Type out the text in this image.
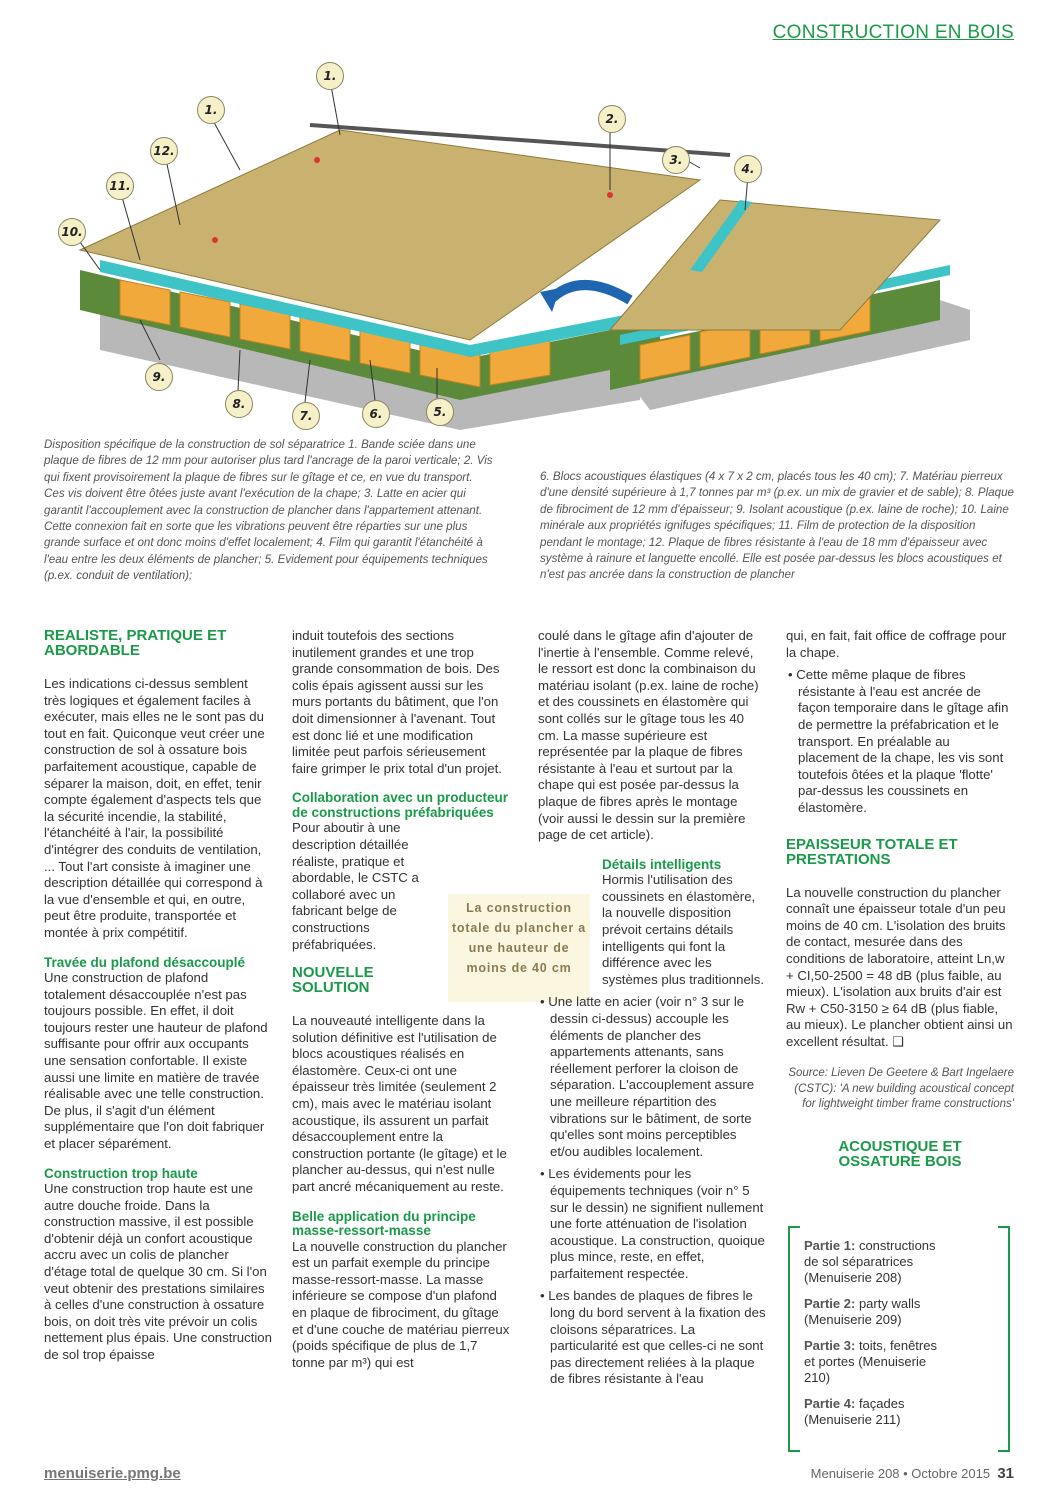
CONSTRUCTION EN BOIS
1.
1.
2.
3.
4.
5.
6.
7.
8.
9.
10.
11.
12.
Disposition spécifique de la construction de sol séparatrice 1. Bande sciée dans une plaque de fibres de 12 mm pour autoriser plus tard l'ancrage de la paroi verticale; 2. Vis qui fixent provisoirement la plaque de fibres sur le gîtage et ce, en vue du transport. Ces vis doivent être ôtées juste avant l'exécution de la chape; 3. Latte en acier qui garantit l'accouplement avec la construction de plancher dans l'appartement attenant. Cette connexion fait en sorte que les vibrations peuvent être réparties sur une plus grande surface et ont donc moins d'effet localement; 4. Film qui garantit l'étanchéité à l'eau entre les deux éléments de plancher; 5. Evidement pour équipements techniques (p.ex. conduit de ventilation);
6. Blocs acoustiques élastiques (4 x 7 x 2 cm, placés tous les 40 cm); 7. Matériau pierreux d'une densité supérieure à 1,7 tonnes par m³ (p.ex. un mix de gravier et de sable); 8. Plaque de fibrociment de 12 mm d'épaisseur; 9. Isolant acoustique (p.ex. laine de roche); 10. Laine minérale aux propriétés ignifuges spécifiques; 11. Film de protection de la disposition pendant le montage; 12. Plaque de fibres résistante à l'eau de 18 mm d'épaisseur avec système à rainure et languette encollé. Elle est posée par-dessus les blocs acoustiques et n'est pas ancrée dans la construction de plancher
REALISTE, PRATIQUE ET ABORDABLE

Les indications ci-dessus semblent très logiques et également faciles à exécuter, mais elles ne le sont pas du tout en fait. Quiconque veut créer une construction de sol à ossature bois parfaitement acoustique, capable de séparer la maison, doit, en effet, tenir compte également d'aspects tels que la sécurité incendie, la stabilité, l'étanchéité à l'air, la possibilité d'intégrer des conduits de ventilation, ... Tout l'art consiste à imaginer une description détaillée qui correspond à la vue d'ensemble et qui, en outre, peut être produite, transportée et montée à prix compétitif.

Travée du plafond désaccouplé

Une construction de plafond totalement désaccouplée n'est pas toujours possible. En effet, il doit toujours rester une hauteur de plafond suffisante pour offrir aux occupants une sensation confortable. Il existe aussi une limite en matière de travée réalisable avec une telle construction. De plus, il s'agit d'un élément supplémentaire que l'on doit fabriquer et placer séparément.

Construction trop haute

Une construction trop haute est une autre douche froide. Dans la construction massive, il est possible d'obtenir déjà un confort acoustique accru avec un colis de plancher d'étage total de quelque 30 cm. Si l'on veut obtenir des prestations similaires à celles d'une construction à ossature bois, on doit très vite prévoir un colis nettement plus épais. Une construction de sol trop épaisse

induit toutefois des sections inutilement grandes et une trop grande consommation de bois. Des colis épais agissent aussi sur les murs portants du bâtiment, que l'on doit dimensionner à l'avenant. Tout est donc lié et une modification limitée peut parfois sérieusement faire grimper le prix total d'un projet.

Collaboration avec un producteur de constructions préfabriquées

Pour aboutir à une description détaillée réaliste, pratique et abordable, le CSTC a collaboré avec un fabricant belge de constructions préfabriquées.

NOUVELLE SOLUTION

La nouveauté intelligente dans la solution définitive est l'utilisation de blocs acoustiques réalisés en élastomère. Ceux-ci ont une épaisseur très limitée (seulement 2 cm), mais avec le matériau isolant acoustique, ils assurent un parfait désaccouplement entre la construction portante (le gîtage) et le plancher au-dessus, qui n'est nulle part ancré mécaniquement au reste.

Belle application du principe masse-ressort-masse

La nouvelle construction du plancher est un parfait exemple du principe masse-ressort-masse. La masse inférieure se compose d'un plafond en plaque de fibrociment, du gîtage et d'une couche de matériau pierreux (poids spécifique de plus de 1,7 tonne par m³) qui est

La construction totale du plancher a une hauteur de moins de 40 cm

coulé dans le gîtage afin d'ajouter de l'inertie à l'ensemble. Comme relevé, le ressort est donc la combinaison du matériau isolant (p.ex. laine de roche) et des coussinets en élastomère qui sont collés sur le gîtage tous les 40 cm. La masse supérieure est représentée par la plaque de fibres résistante à l'eau et surtout par la chape qui est posée par-dessus la plaque de fibres après le montage (voir aussi le dessin sur la première page de cet article).

Détails intelligents

Hormis l'utilisation des coussinets en élastomère, la nouvelle disposition prévoit certains détails intelligents qui font la différence avec les systèmes plus traditionnels.

• Une latte en acier (voir n° 3 sur le dessin ci-dessus) accouple les éléments de plancher des appartements attenants, sans réellement perforer la cloison de séparation. L'accouplement assure une meilleure répartition des vibrations sur le bâtiment, de sorte qu'elles sont moins perceptibles et/ou audibles localement.

• Les évidements pour les équipements techniques (voir n° 5 sur le dessin) ne signifient nullement une forte atténuation de l'isolation acoustique. La construction, quoique plus mince, reste, en effet, parfaitement respectée.

• Les bandes de plaques de fibres le long du bord servent à la fixation des cloisons séparatrices. La particularité est que celles-ci ne sont pas directement reliées à la plaque de fibres résistante à l'eau

qui, en fait, fait office de coffrage pour la chape.

• Cette même plaque de fibres résistante à l'eau est ancrée de façon temporaire dans le gîtage afin de permettre la préfabrication et le transport. En préalable au placement de la chape, les vis sont toutefois ôtées et la plaque 'flotte' par-dessus les coussinets en élastomère.

EPAISSEUR TOTALE ET PRESTATIONS

La nouvelle construction du plancher connaît une épaisseur totale d'un peu moins de 40 cm. L'isolation des bruits de contact, mesurée dans des conditions de laboratoire, atteint Ln,w + CI,50-2500 = 48 dB (plus faible, au mieux). L'isolation aux bruits d'air est Rw + C50-3150 ≥ 64 dB (plus fiable, au mieux). Le plancher obtient ainsi un excellent résultat. ❑

Source: Lieven De Geetere & Bart Ingelaere (CSTC): 'A new building acoustical concept for lightweight timber frame constructions'

ACOUSTIQUE ET OSSATURE BOIS
Partie 1: constructions de sol séparatrices (Menuiserie 208)
Partie 2: party walls (Menuiserie 209)
Partie 3: toits, fenêtres et portes (Menuiserie 210)
Partie 4: façades (Menuiserie 211)
menuiserie.pmg.be	Menuiserie 208 • Octobre 2015 31
